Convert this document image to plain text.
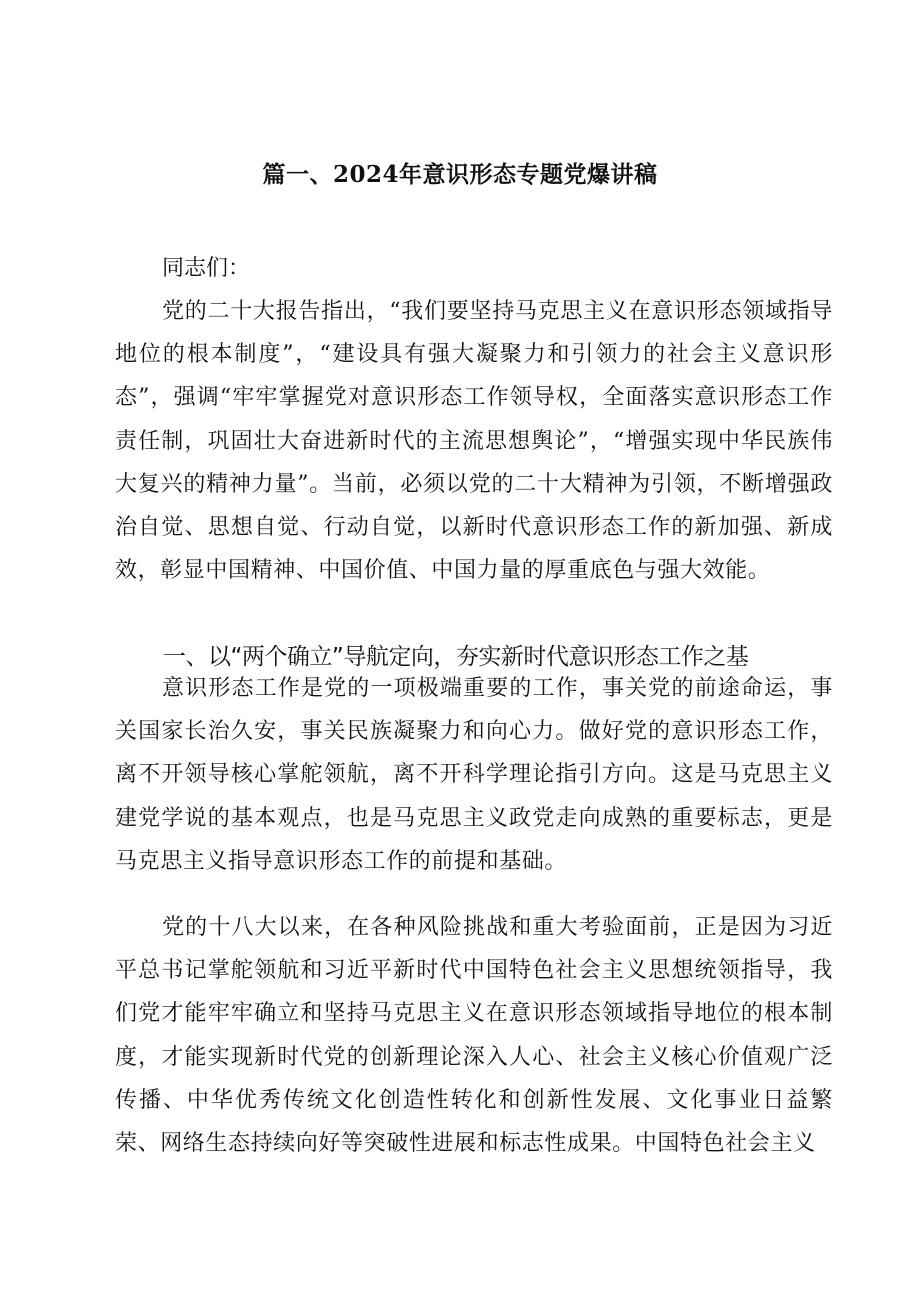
篇一、2024年意识形态专题党爆讲稿
同志们：

党的二十大报告指出，“我们要坚持马克思主义在意识形态领域指导地位的根本制度”，“建设具有强大凝聚力和引领力的社会主义意识形态”，强调“牢牢掌握党对意识形态工作领导权，全面落实意识形态工作责任制，巩固壮大奋进新时代的主流思想舆论”，“增强实现中华民族伟大复兴的精神力量”。当前，必须以党的二十大精神为引领，不断增强政治自觉、思想自觉、行动自觉，以新时代意识形态工作的新加强、新成效，彰显中国精神、中国价值、中国力量的厚重底色与强大效能。

一、以“两个确立”导航定向，夯实新时代意识形态工作之基

意识形态工作是党的一项极端重要的工作，事关党的前途命运，事关国家长治久安，事关民族凝聚力和向心力。做好党的意识形态工作，离不开领导核心掌舵领航，离不开科学理论指引方向。这是马克思主义建党学说的基本观点，也是马克思主义政党走向成熟的重要标志，更是马克思主义指导意识形态工作的前提和基础。

党的十八大以来，在各种风险挑战和重大考验面前，正是因为习近平总书记掌舵领航和习近平新时代中国特色社会主义思想统领指导，我们党才能牢牢确立和坚持马克思主义在意识形态领域指导地位的根本制度，才能实现新时代党的创新理论深入人心、社会主义核心价值观广泛传播、中华优秀传统文化创造性转化和创新性发展、文化事业日益繁荣、网络生态持续向好等突破性进展和标志性成果。中国特色社会主义
